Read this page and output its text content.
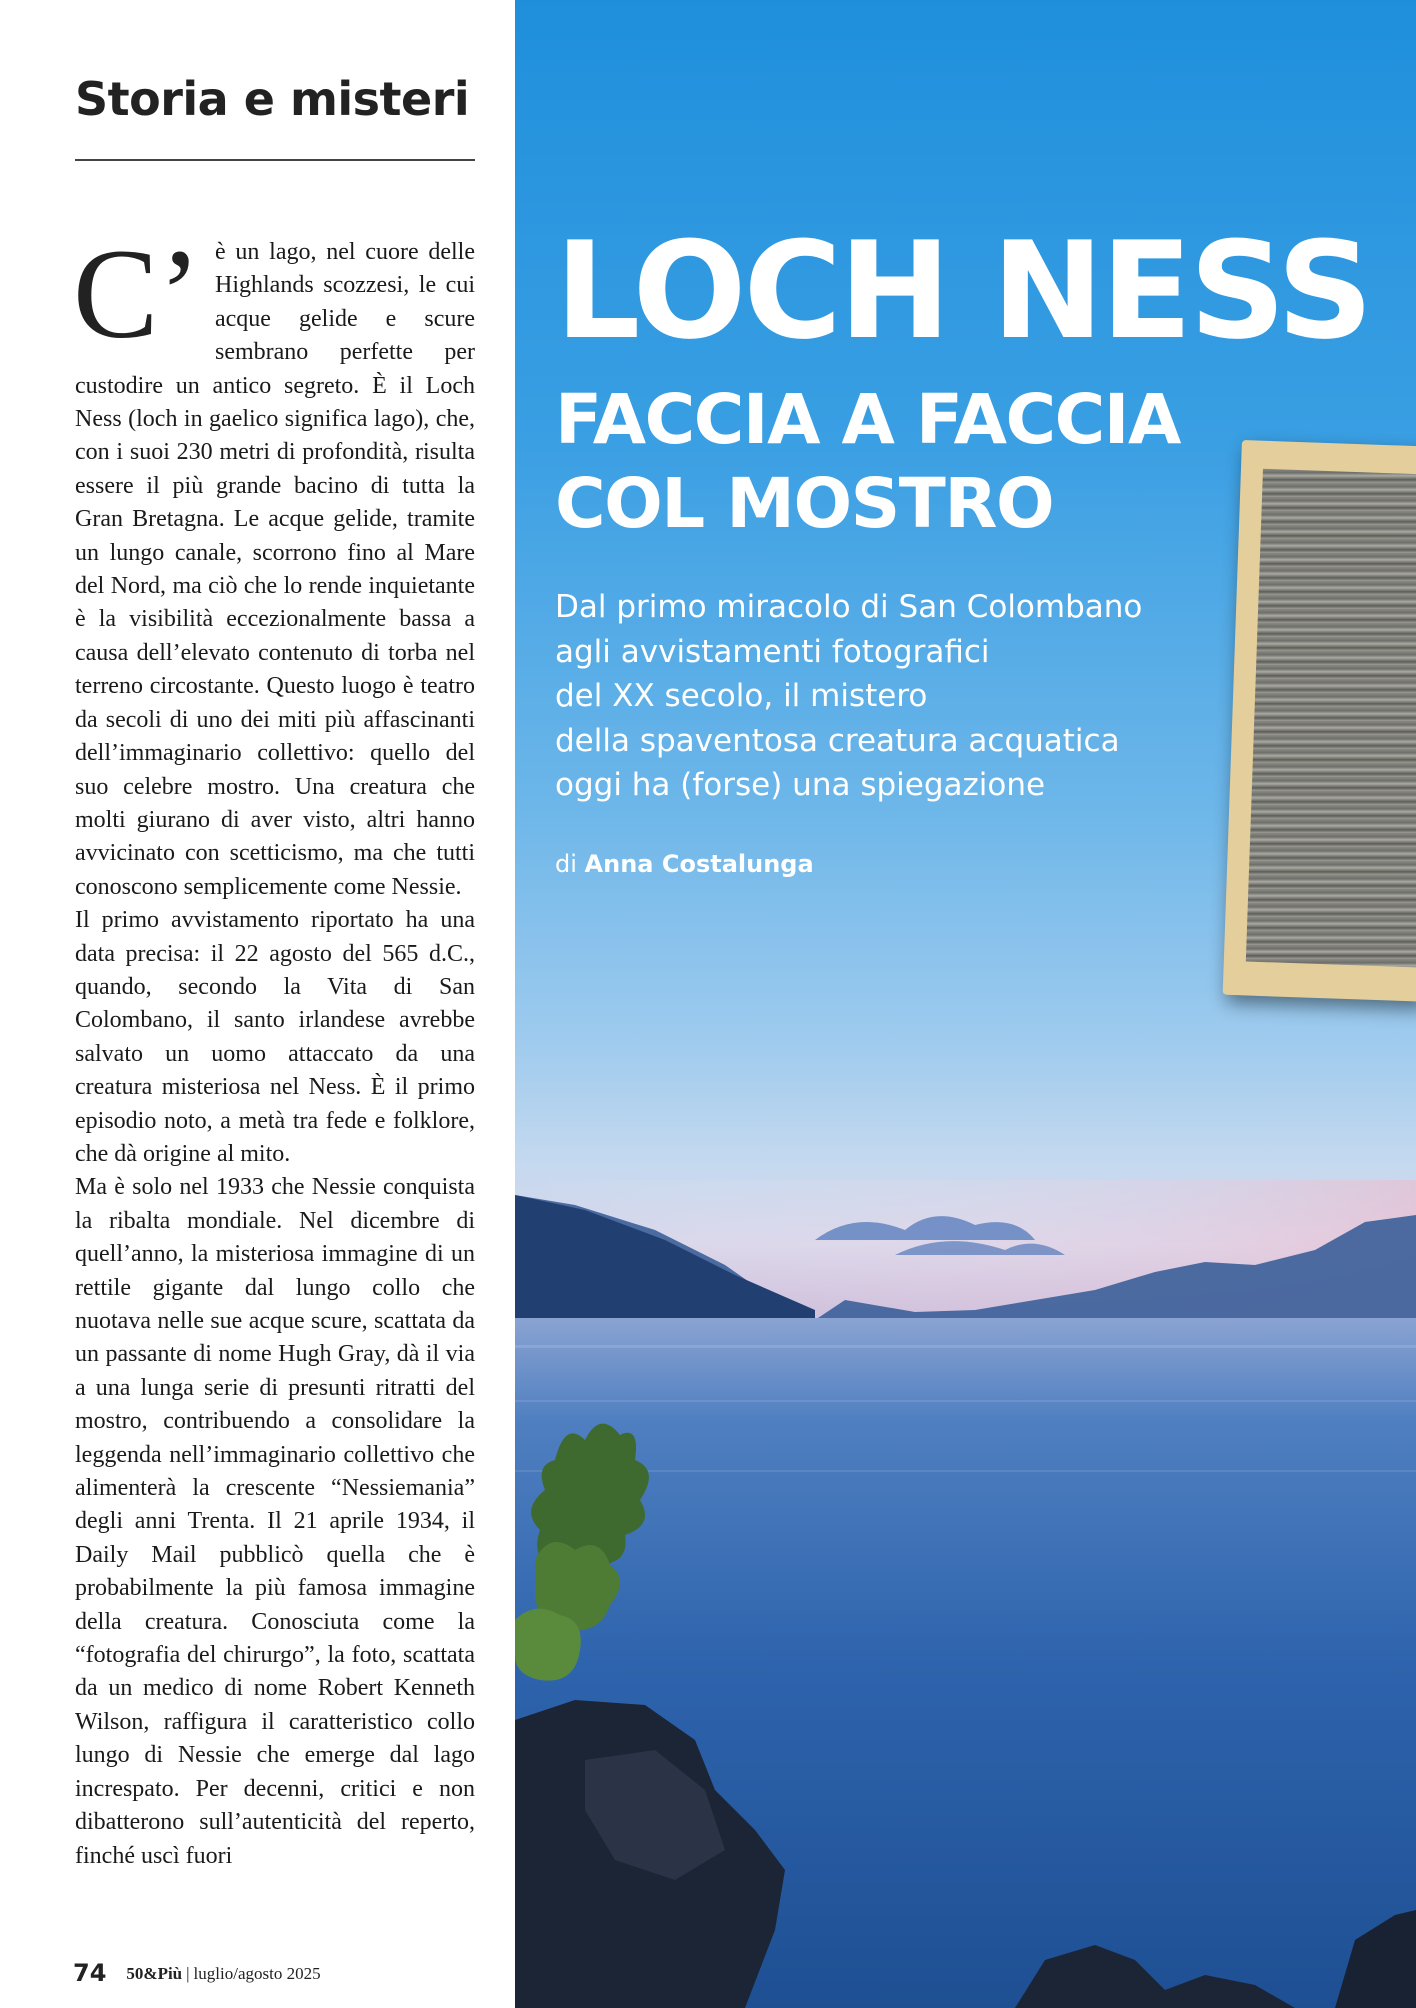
Storia e misteri

C’ è un lago, nel cuore delle Highlands scozzesi, le cui acque gelide e scure sembrano perfette per custodire un antico segreto. È il Loch Ness (loch in gaelico significa lago), che, con i suoi 230 metri di profondità, risulta essere il più grande bacino di tutta la Gran Bretagna. Le acque gelide, tramite un lungo canale, scorrono fino al Mare del Nord, ma ciò che lo rende inquietante è la visibilità eccezionalmente bassa a causa dell’elevato contenuto di torba nel terreno circostante. Questo luogo è teatro da secoli di uno dei miti più affascinanti dell’immaginario collettivo: quello del suo celebre mostro. Una creatura che molti giurano di aver visto, altri hanno avvicinato con scetticismo, ma che tutti conoscono semplicemente come Nessie.

Il primo avvistamento riportato ha una data precisa: il 22 agosto del 565 d.C., quando, secondo la Vita di San Colombano, il santo irlandese avrebbe salvato un uomo attaccato da una creatura misteriosa nel Ness. È il primo episodio noto, a metà tra fede e folklore, che dà origine al mito.

Ma è solo nel 1933 che Nessie conquista la ribalta mondiale. Nel dicembre di quell’anno, la misteriosa immagine di un rettile gigante dal lungo collo che nuotava nelle sue acque scure, scattata da un passante di nome Hugh Gray, dà il via a una lunga serie di presunti ritratti del mostro, contribuendo a consolidare la leggenda nell’immaginario collettivo che alimenterà la crescente “Nessiemania” degli anni Trenta. Il 21 aprile 1934, il Daily Mail pubblicò quella che è probabilmente la più famosa immagine della creatura. Conosciuta come la “fotografia del chirurgo”, la foto, scattata da un medico di nome Robert Kenneth Wilson, raffigura il caratteristico collo lungo di Nessie che emerge dal lago increspato. Per decenni, critici e non dibatterono sull’autenticità del reperto, finché uscì fuori

74 50&Più | luglio/agosto 2025
LOCH NESS
FACCIA A FACCIA
COL MOSTRO
Dal primo miracolo di San Colombano
agli avvistamenti fotografici
del XX secolo, il mistero
della spaventosa creatura acquatica
oggi ha (forse) una spiegazione
di Anna Costalunga
